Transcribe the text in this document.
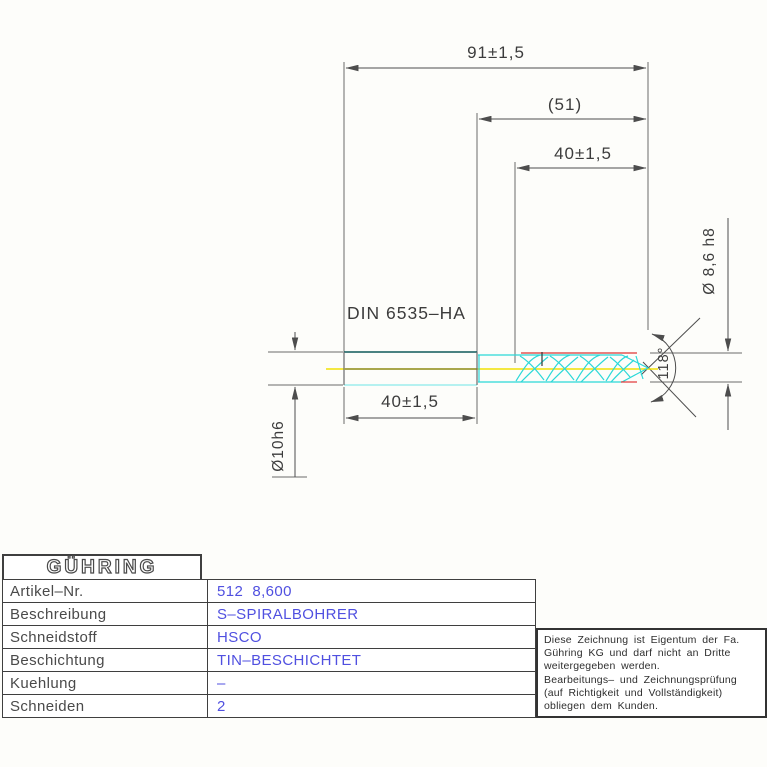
91±1,5
(51)
40±1,5
40±1,5
DIN 6535–HA
Ø10h6
Ø 8,6 h8
118°
GÜHRING
Artikel–Nr.	512  8,600
Beschreibung	S–SPIRALBOHRER
Schneidstoff	HSCO
Beschichtung	TIN–BESCHICHTET
Kuehlung	–
Schneiden	2
Diese Zeichnung ist Eigentum der Fa.
Gühring KG und darf nicht an Dritte
weitergegeben werden.
Bearbeitungs– und Zeichnungsprüfung
(auf Richtigkeit und Vollständigkeit)
obliegen dem Kunden.
